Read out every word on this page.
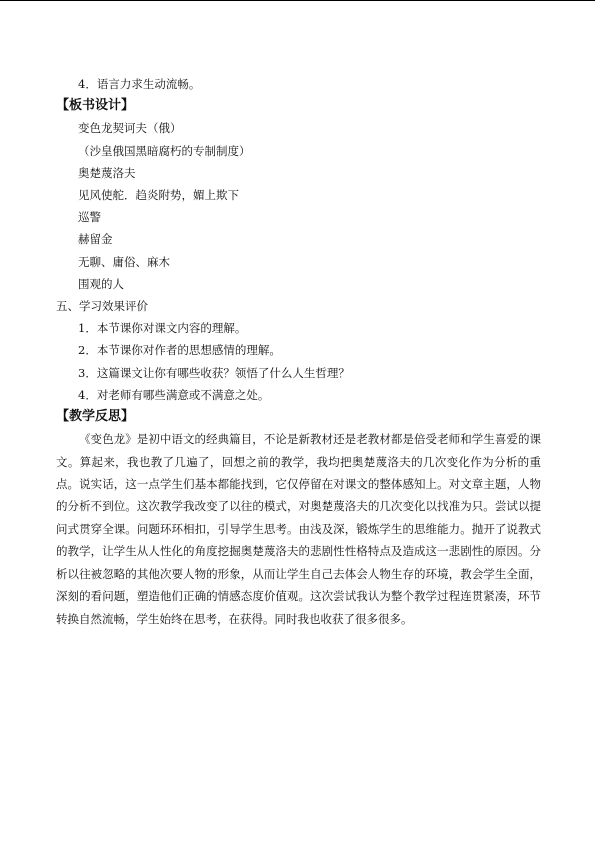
4．语言力求生动流畅。
【板书设计】
变色龙契诃夫（俄）
（沙皇俄国黑暗腐朽的专制制度）
奥楚蔑洛夫
见风使舵．趋炎附势，媚上欺下
巡警
赫留金
无聊、庸俗、麻木
围观的人
五、学习效果评价
1．本节课你对课文内容的理解。
2．本节课你对作者的思想感情的理解。
3．这篇课文让你有哪些收获？领悟了什么人生哲理？
4．对老师有哪些满意或不满意之处。
【教学反思】

《变色龙》是初中语文的经典篇目，不论是新教材还是老教材都是倍受老师和学生喜爱的课文。算起来，我也教了几遍了，回想之前的教学，我均把奥楚蔑洛夫的几次变化作为分析的重点。说实话，这一点学生们基本都能找到，它仅停留在对课文的整体感知上。对文章主题，人物的分析不到位。这次教学我改变了以往的模式，对奥楚蔑洛夫的几次变化以找准为只。尝试以提问式贯穿全课。问题环环相扣，引导学生思考。由浅及深，锻炼学生的思维能力。抛开了说教式的教学，让学生从人性化的角度挖掘奥楚蔑洛夫的悲剧性性格特点及造成这一悲剧性的原因。分析以往被忽略的其他次要人物的形象，从而让学生自己去体会人物生存的环境，教会学生全面，深刻的看问题，塑造他们正确的情感态度价值观。这次尝试我认为整个教学过程连贯紧凑，环节转换自然流畅，学生始终在思考，在获得。同时我也收获了很多很多。
